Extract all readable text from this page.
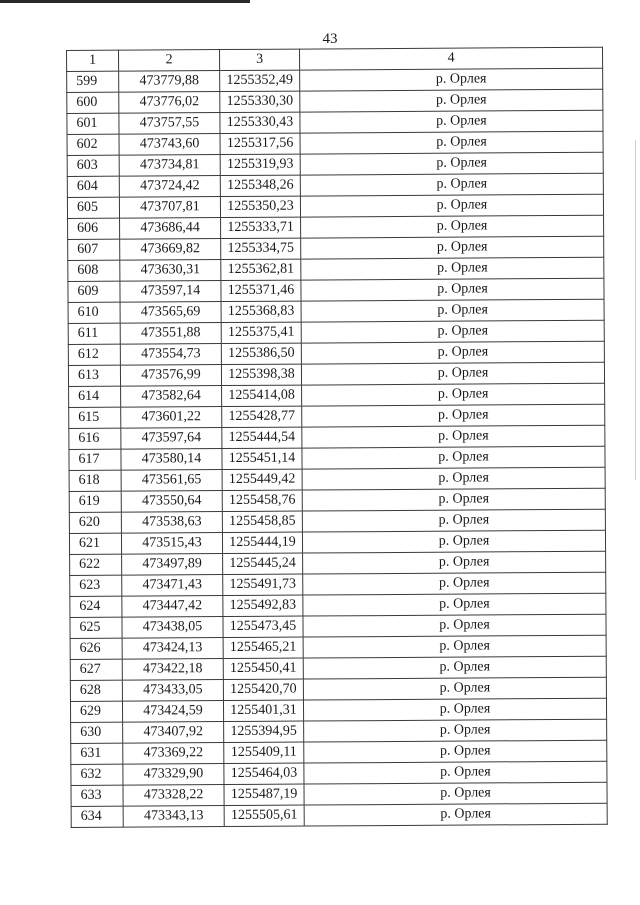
43
1	2	3	4
599	473779,88	1255352,49	р. Орлея
600	473776,02	1255330,30	р. Орлея
601	473757,55	1255330,43	р. Орлея
602	473743,60	1255317,56	р. Орлея
603	473734,81	1255319,93	р. Орлея
604	473724,42	1255348,26	р. Орлея
605	473707,81	1255350,23	р. Орлея
606	473686,44	1255333,71	р. Орлея
607	473669,82	1255334,75	р. Орлея
608	473630,31	1255362,81	р. Орлея
609	473597,14	1255371,46	р. Орлея
610	473565,69	1255368,83	р. Орлея
611	473551,88	1255375,41	р. Орлея
612	473554,73	1255386,50	р. Орлея
613	473576,99	1255398,38	р. Орлея
614	473582,64	1255414,08	р. Орлея
615	473601,22	1255428,77	р. Орлея
616	473597,64	1255444,54	р. Орлея
617	473580,14	1255451,14	р. Орлея
618	473561,65	1255449,42	р. Орлея
619	473550,64	1255458,76	р. Орлея
620	473538,63	1255458,85	р. Орлея
621	473515,43	1255444,19	р. Орлея
622	473497,89	1255445,24	р. Орлея
623	473471,43	1255491,73	р. Орлея
624	473447,42	1255492,83	р. Орлея
625	473438,05	1255473,45	р. Орлея
626	473424,13	1255465,21	р. Орлея
627	473422,18	1255450,41	р. Орлея
628	473433,05	1255420,70	р. Орлея
629	473424,59	1255401,31	р. Орлея
630	473407,92	1255394,95	р. Орлея
631	473369,22	1255409,11	р. Орлея
632	473329,90	1255464,03	р. Орлея
633	473328,22	1255487,19	р. Орлея
634	473343,13	1255505,61	р. Орлея
